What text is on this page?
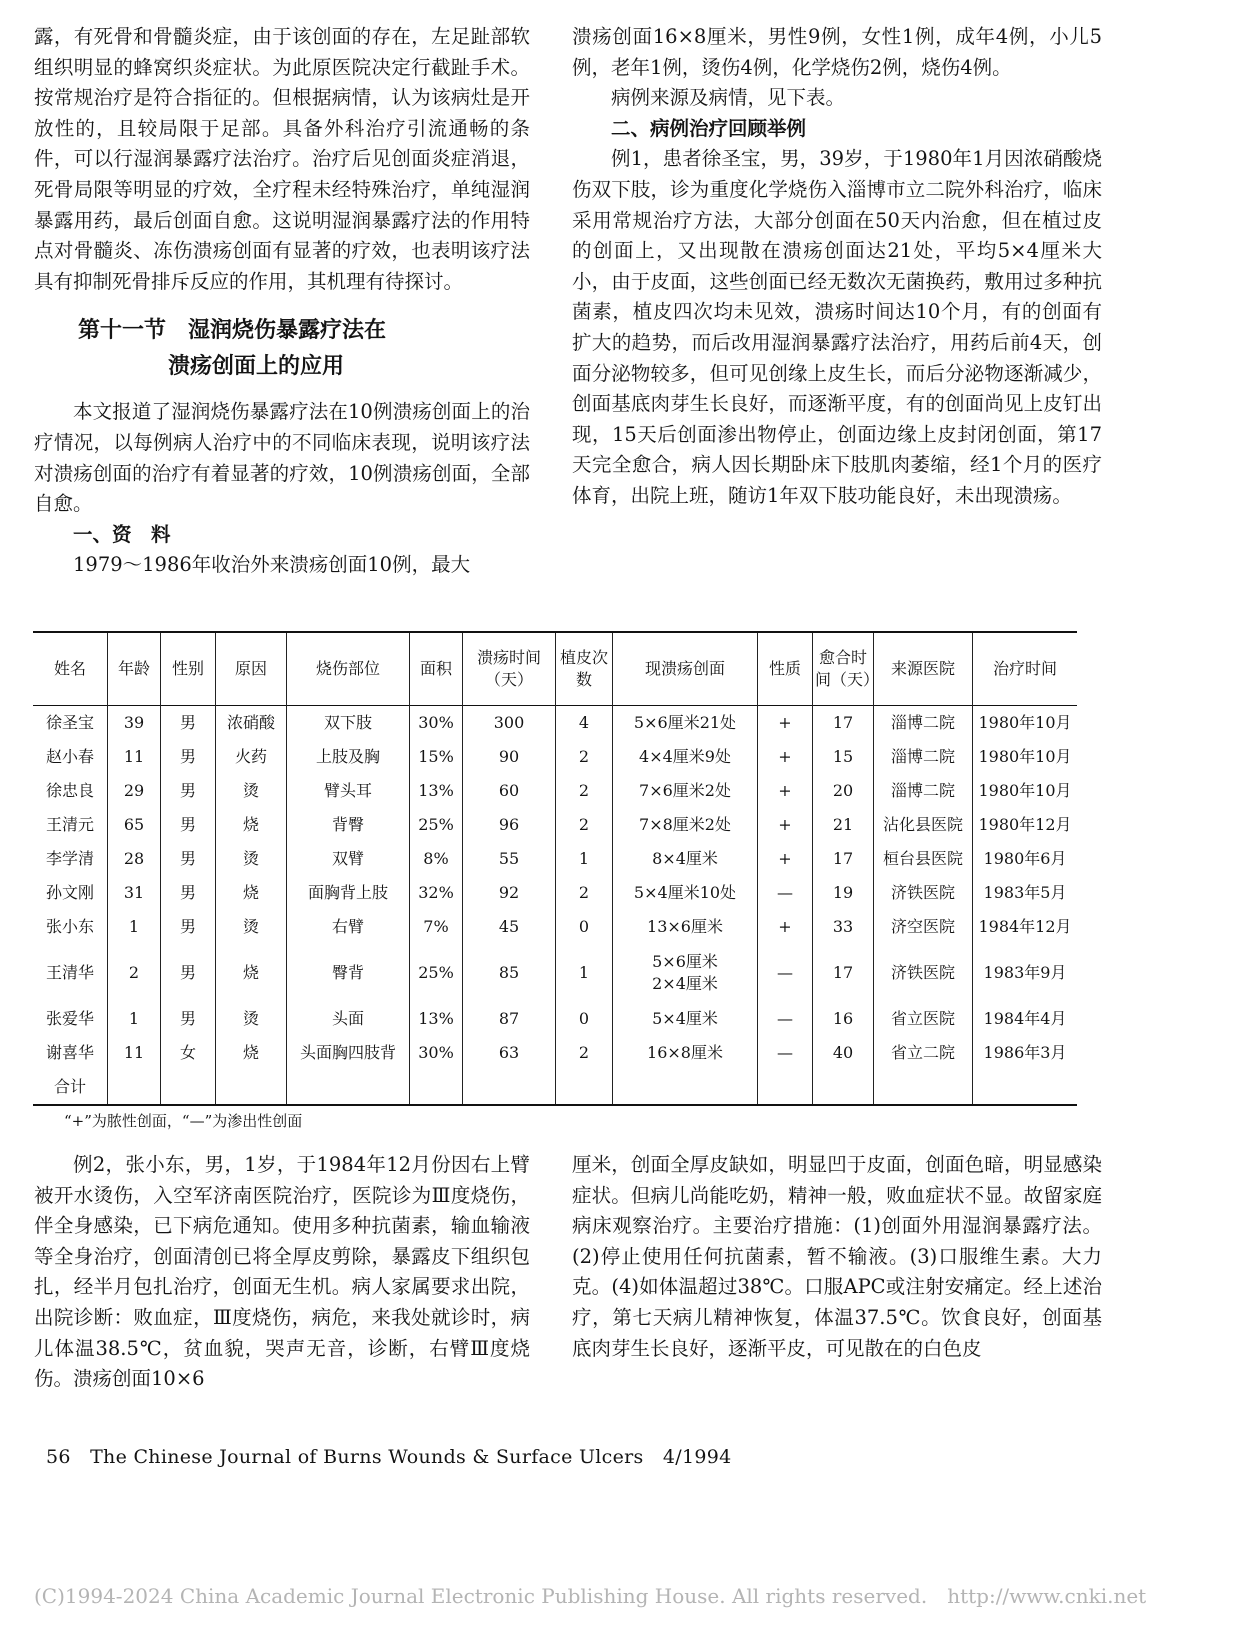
露，有死骨和骨髓炎症，由于该创面的存在，左足趾部软组织明显的蜂窝织炎症状。为此原医院决定行截趾手术。按常规治疗是符合指征的。但根据病情，认为该病灶是开放性的，且较局限于足部。具备外科治疗引流通畅的条件，可以行湿润暴露疗法治疗。治疗后见创面炎症消退，死骨局限等明显的疗效，全疗程未经特殊治疗，单纯湿润暴露用药，最后创面自愈。这说明湿润暴露疗法的作用特点对骨髓炎、冻伤溃疡创面有显著的疗效，也表明该疗法具有抑制死骨排斥反应的作用，其机理有待探讨。

第十一节　湿润烧伤暴露疗法在
溃疡创面上的应用

本文报道了湿润烧伤暴露疗法在10例溃疡创面上的治疗情况，以每例病人治疗中的不同临床表现，说明该疗法对溃疡创面的治疗有着显著的疗效，10例溃疡创面，全部自愈。

一、资　料

1979～1986年收治外来溃疡创面10例，最大

溃疡创面16×8厘米，男性9例，女性1例，成年4例，小儿5例，老年1例，烫伤4例，化学烧伤2例，烧伤4例。

病例来源及病情，见下表。

二、病例治疗回顾举例

例1，患者徐圣宝，男，39岁，于1980年1月因浓硝酸烧伤双下肢，诊为重度化学烧伤入淄博市立二院外科治疗，临床采用常规治疗方法，大部分创面在50天内治愈，但在植过皮的创面上，又出现散在溃疡创面达21处，平均5×4厘米大小，由于皮面，这些创面已经无数次无菌换药，敷用过多种抗菌素，植皮四次均未见效，溃疡时间达10个月，有的创面有扩大的趋势，而后改用湿润暴露疗法治疗，用药后前4天，创面分泌物较多，但可见创缘上皮生长，而后分泌物逐渐减少，创面基底肉芽生长良好，而逐渐平度，有的创面尚见上皮钉出现，15天后创面渗出物停止，创面边缘上皮封闭创面，第17天完全愈合，病人因长期卧床下肢肌肉萎缩，经1个月的医疗体育，出院上班，随访1年双下肢功能良好，未出现溃疡。

姓名	年龄	性别	原因	烧伤部位	面积	溃疡时间（天）	植皮次数	现溃疡创面	性质	愈合时间（天）	来源医院	治疗时间
徐圣宝	39	男	浓硝酸	双下肢	30%	300	4	5×6厘米21处	+	17	淄博二院	1980年10月
赵小春	11	男	火药	上肢及胸	15%	90	2	4×4厘米9处	+	15	淄博二院	1980年10月
徐忠良	29	男	烫	臂头耳	13%	60	2	7×6厘米2处	+	20	淄博二院	1980年10月
王清元	65	男	烧	背臀	25%	96	2	7×8厘米2处	+	21	沾化县医院	1980年12月
李学清	28	男	烫	双臂	8%	55	1	8×4厘米	+	17	桓台县医院	1980年6月
孙文刚	31	男	烧	面胸背上肢	32%	92	2	5×4厘米10处	—	19	济铁医院	1983年5月
张小东	1	男	烫	右臂	7%	45	0	13×6厘米	+	33	济空医院	1984年12月
王清华	2	男	烧	臀背	25%	85	1	5×6厘米 2×4厘米	—	17	济铁医院	1983年9月
张爱华	1	男	烫	头面	13%	87	0	5×4厘米	—	16	省立医院	1984年4月
谢喜华	11	女	烧	头面胸四肢背	30%	63	2	16×8厘米	—	40	省立二院	1986年3月
合计												
“+”为脓性创面，“—”为渗出性创面

例2，张小东，男，1岁，于1984年12月份因右上臂被开水烫伤，入空军济南医院治疗，医院诊为Ⅲ度烧伤，伴全身感染，已下病危通知。使用多种抗菌素，输血输液等全身治疗，创面清创已将全厚皮剪除，暴露皮下组织包扎，经半月包扎治疗，创面无生机。病人家属要求出院，出院诊断：败血症，Ⅲ度烧伤，病危，来我处就诊时，病儿体温38.5℃，贫血貌，哭声无音，诊断，右臂Ⅲ度烧伤。溃疡创面10×6

厘米，创面全厚皮缺如，明显凹于皮面，创面色暗，明显感染症状。但病儿尚能吃奶，精神一般，败血症状不显。故留家庭病床观察治疗。主要治疗措施：(1)创面外用湿润暴露疗法。(2)停止使用任何抗菌素，暂不输液。(3)口服维生素。大力克。(4)如体温超过38℃。口服APC或注射安痛定。经上述治疗，第七天病儿精神恢复，体温37.5℃。饮食良好，创面基底肉芽生长良好，逐渐平皮，可见散在的白色皮

56　The Chinese Journal of Burns Wounds & Surface Ulcers　4/1994
(C)1994-2024 China Academic Journal Electronic Publishing House. All rights reserved.　http://www.cnki.net
